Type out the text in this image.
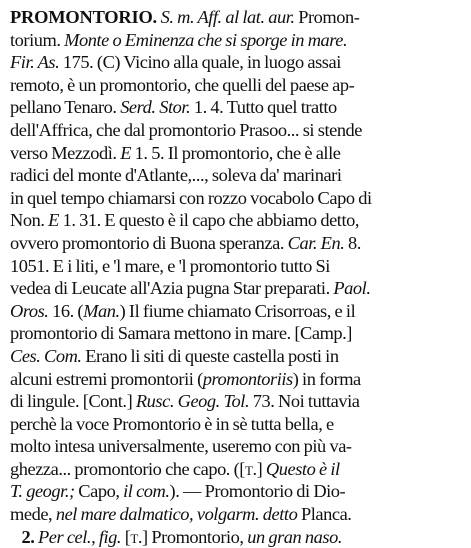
PROMONTORIO. S. m. Aff. al lat. aur. Promon-
torium. Monte o Eminenza che si sporge in mare.
Fir. As. 175. (C) Vicino alla quale, in luogo assai
remoto, è un promontorio, che quelli del paese ap-
pellano Tenaro. Serd. Stor. 1. 4. Tutto quel tratto
dell'Affrica, che dal promontorio Prasoo... si stende
verso Mezzodì. E 1. 5. Il promontorio, che è alle
radici del monte d'Atlante,..., soleva da' marinari
in quel tempo chiamarsi con rozzo vocabolo Capo di
Non. E 1. 31. E questo è il capo che abbiamo detto,
ovvero promontorio di Buona speranza. Car. En. 8.
1051. E i liti, e 'l mare, e 'l promontorio tutto Si
vedea di Leucate all'Azia pugna Star preparati. Paol.
Oros. 16. (Man.) Il fiume chiamato Crisorroas, e il
promontorio di Samara mettono in mare. [Camp.]
Ces. Com. Erano li siti di queste castella posti in
alcuni estremi promontorii (promontoriis) in forma
di lingule. [Cont.] Rusc. Geog. Tol. 73. Noi tuttavia
perchè la voce Promontorio è in sè tutta bella, e
molto intesa universalmente, useremo con più va-
ghezza... promontorio che capo. ([t.] Questo è il
T. geogr.; Capo, il com.). — Promontorio di Dio-
mede, nel mare dalmatico, volgarm. detto Planca.
2. Per cel., fig. [t.] Promontorio, un gran naso.
